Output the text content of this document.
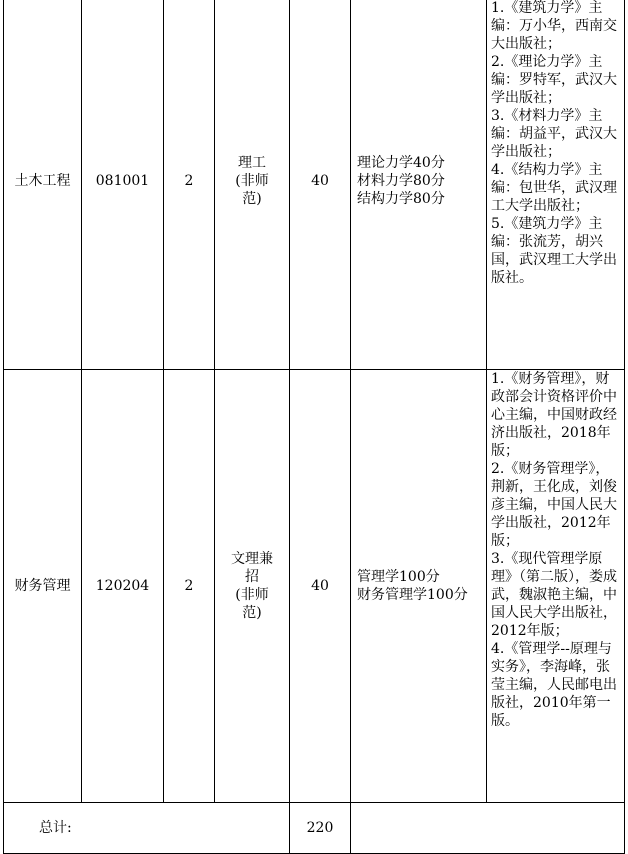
土木工程	081001	2	理工
(非师
范)	40	理论力学40分
材料力学80分
结构力学80分	1.《建筑力学》主编：万小华，西南交大出版社；
2.《理论力学》主编：罗特军，武汉大学出版社；
3.《材料力学》主编：胡益平，武汉大学出版社；
4.《结构力学》主编：包世华，武汉理工大学出版社；
5.《建筑力学》主编：张流芳，胡兴国，武汉理工大学出版社。

财务管理	120204	2	文理兼
招
(非师
范)	40	管理学100分
财务管理学100分	1.《财务管理》，财政部会计资格评价中心主编，中国财政经济出版社，2018年版；
2.《财务管理学》，荆新，王化成，刘俊彦主编，中国人民大学出版社，2012年版；
3.《现代管理学原理》（第二版），娄成武，魏淑艳主编，中国人民大学出版社，2012年版；
4.《管理学--原理与实务》，李海峰，张莹主编，人民邮电出版社，2010年第一版。

总计:				220		
